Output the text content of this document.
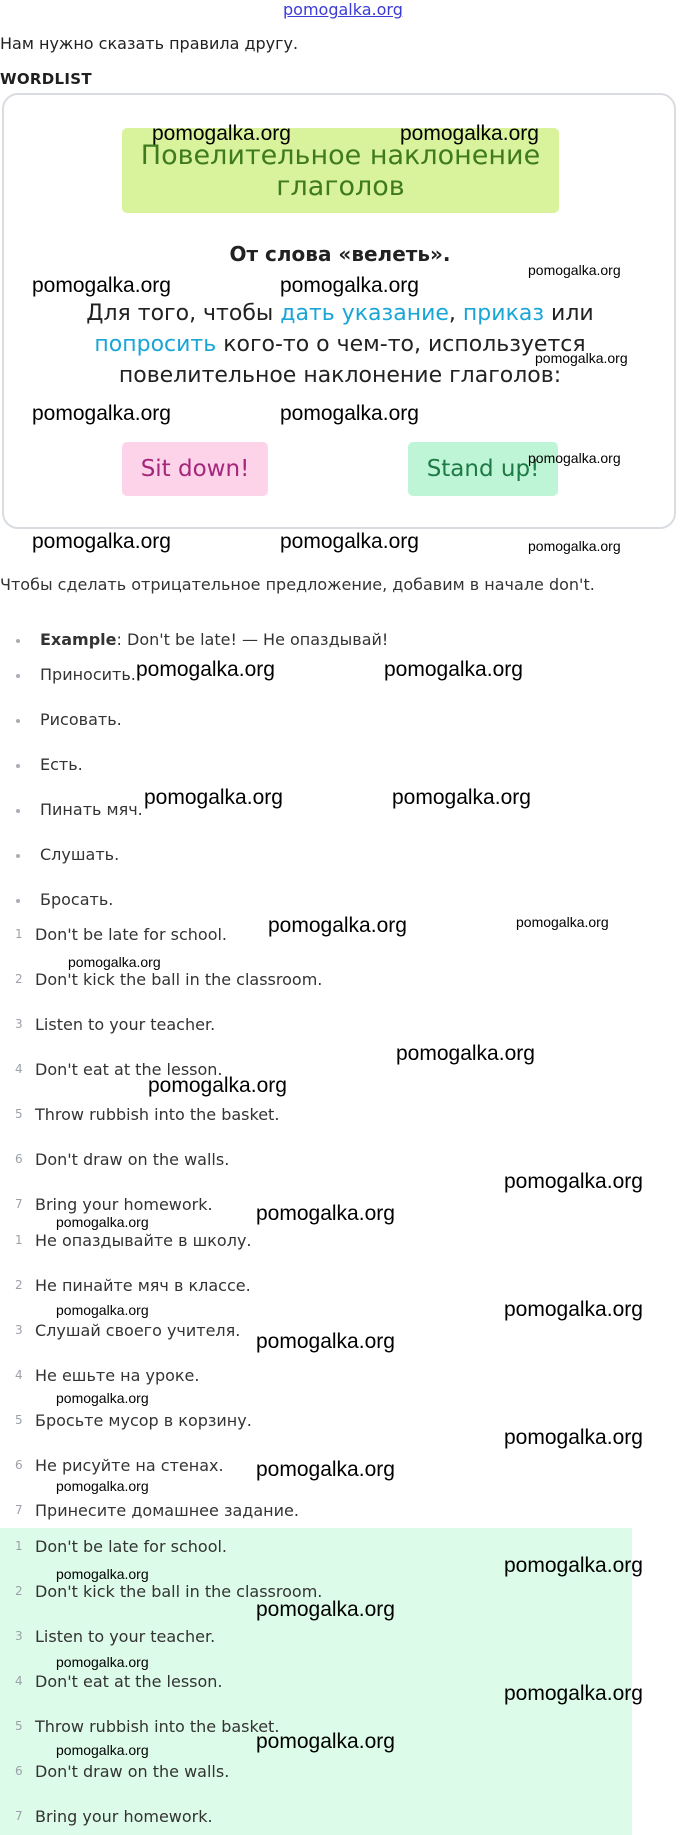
pomogalka.org
Нам нужно сказать правила другу.
WORDLIST
Повелительное наклонение глаголов
От слова «велеть».
Для того, чтобы дать указание, приказ или попросить кого-то о чем-то, используется повелительное наклонение глаголов:
Sit down!	Stand up!
Чтобы сделать отрицательное предложение, добавим в начале don't.
Example: Don't be late! — Не опаздывай!
Приносить.
Рисовать.
Есть.
Пинать мяч.
Слушать.
Бросать.
1 Don't be late for school.
2 Don't kick the ball in the classroom.
3 Listen to your teacher.
4 Don't eat at the lesson.
5 Throw rubbish into the basket.
6 Don't draw on the walls.
7 Bring your homework.
1 Не опаздывайте в школу.
2 Не пинайте мяч в классе.
3 Слушай своего учителя.
4 Не ешьте на уроке.
5 Бросьте мусор в корзину.
6 Не рисуйте на стенах.
7 Принесите домашнее задание.
1 Don't be late for school.
2 Don't kick the ball in the classroom.
3 Listen to your teacher.
4 Don't eat at the lesson.
5 Throw rubbish into the basket.
6 Don't draw on the walls.
7 Bring your homework.
pomogalka.org	pomogalka.org
pomogalka.org	pomogalka.org
pomogalka.org
pomogalka.org
pomogalka.org	pomogalka.org
pomogalka.org
pomogalka.org	pomogalka.org	pomogalka.org
pomogalka.org	pomogalka.org
pomogalka.org	pomogalka.org
pomogalka.org	pomogalka.org
pomogalka.org
pomogalka.org
pomogalka.org
pomogalka.org
pomogalka.org
pomogalka.org
pomogalka.org
pomogalka.org
pomogalka.org
pomogalka.org
pomogalka.org
pomogalka.org
pomogalka.org
pomogalka.org
pomogalka.org
pomogalka.org
pomogalka.org
pomogalka.org
pomogalka.org	pomogalka.org
